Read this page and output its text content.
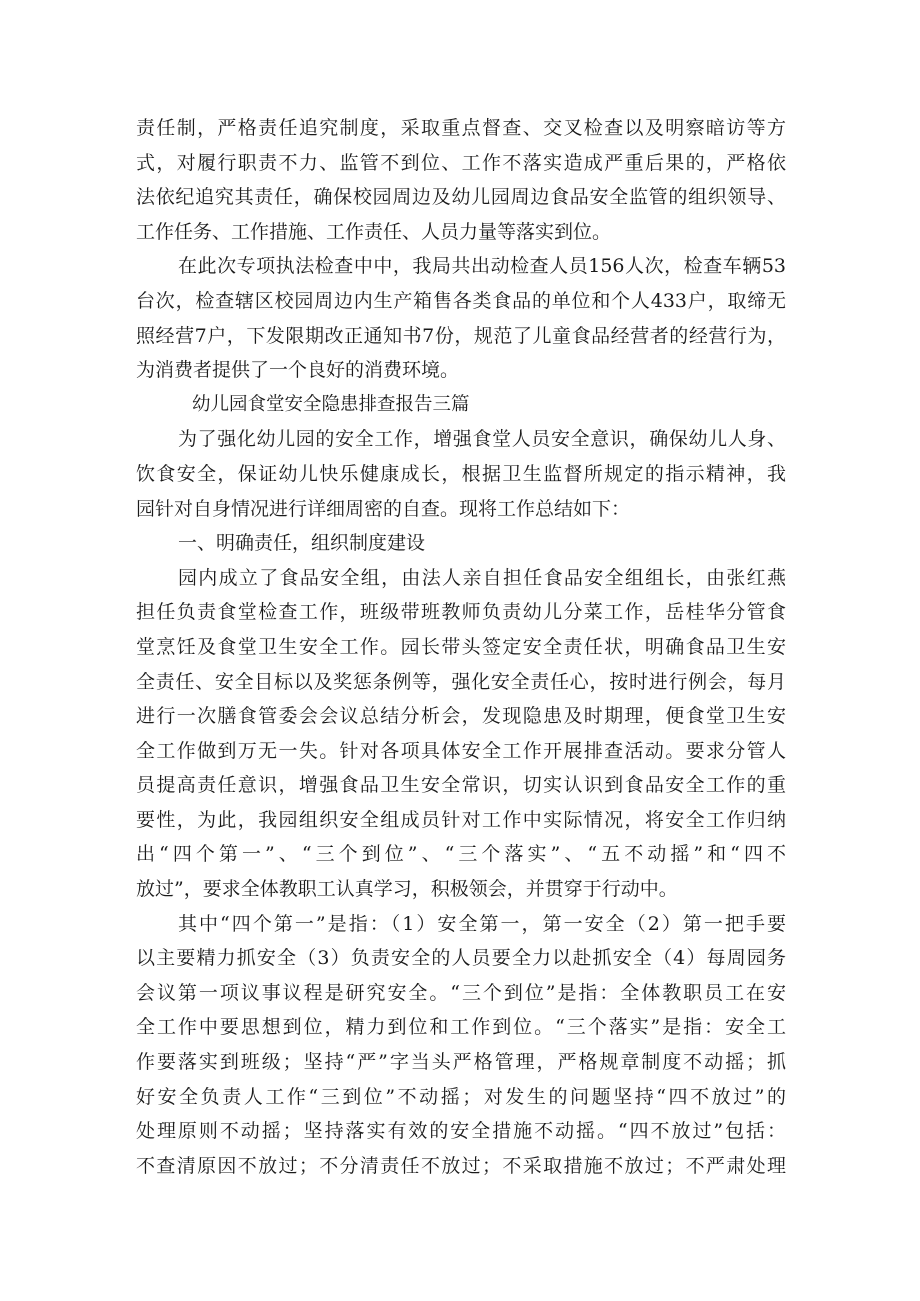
责任制，严格责任追究制度，采取重点督查、交叉检查以及明察暗访等方
式，对履行职责不力、监管不到位、工作不落实造成严重后果的，严格依
法依纪追究其责任，确保校园周边及幼儿园周边食品安全监管的组织领导、
工作任务、工作措施、工作责任、人员力量等落实到位。
在此次专项执法检查中中，我局共出动检查人员156人次，检查车辆53
台次，检查辖区校园周边内生产箱售各类食品的单位和个人433户，取缔无
照经营7户，下发限期改正通知书7份，规范了儿童食品经营者的经营行为，
为消费者提供了一个良好的消费环境。
幼儿园食堂安全隐患排查报告三篇
为了强化幼儿园的安全工作，增强食堂人员安全意识，确保幼儿人身、
饮食安全，保证幼儿快乐健康成长，根据卫生监督所规定的指示精神，我
园针对自身情况进行详细周密的自查。现将工作总结如下：
一、明确责任，组织制度建设
园内成立了食品安全组，由法人亲自担任食品安全组组长，由张红燕
担任负责食堂检查工作，班级带班教师负责幼儿分菜工作，岳桂华分管食
堂烹饪及食堂卫生安全工作。园长带头签定安全责任状，明确食品卫生安
全责任、安全目标以及奖惩条例等，强化安全责任心，按时进行例会，每月
进行一次膳食管委会会议总结分析会，发现隐患及时期理，便食堂卫生安
全工作做到万无一失。针对各项具体安全工作开展排查活动。要求分管人
员提高责任意识，增强食品卫生安全常识，切实认识到食品安全工作的重
要性，为此，我园组织安全组成员针对工作中实际情况，将安全工作归纳
出“四个第一”、“三个到位”、“三个落实”、“五不动摇”和“四不
放过”，要求全体教职工认真学习，积极领会，并贯穿于行动中。
其中“四个第一”是指：（1）安全第一，第一安全（2）第一把手要
以主要精力抓安全（3）负责安全的人员要全力以赴抓安全（4）每周园务
会议第一项议事议程是研究安全。“三个到位”是指：全体教职员工在安
全工作中要思想到位，精力到位和工作到位。“三个落实”是指：安全工
作要落实到班级；坚持“严”字当头严格管理，严格规章制度不动摇；抓
好安全负责人工作“三到位”不动摇；对发生的问题坚持“四不放过”的
处理原则不动摇；坚持落实有效的安全措施不动摇。“四不放过”包括：
不查清原因不放过；不分清责任不放过；不采取措施不放过；不严肃处理
